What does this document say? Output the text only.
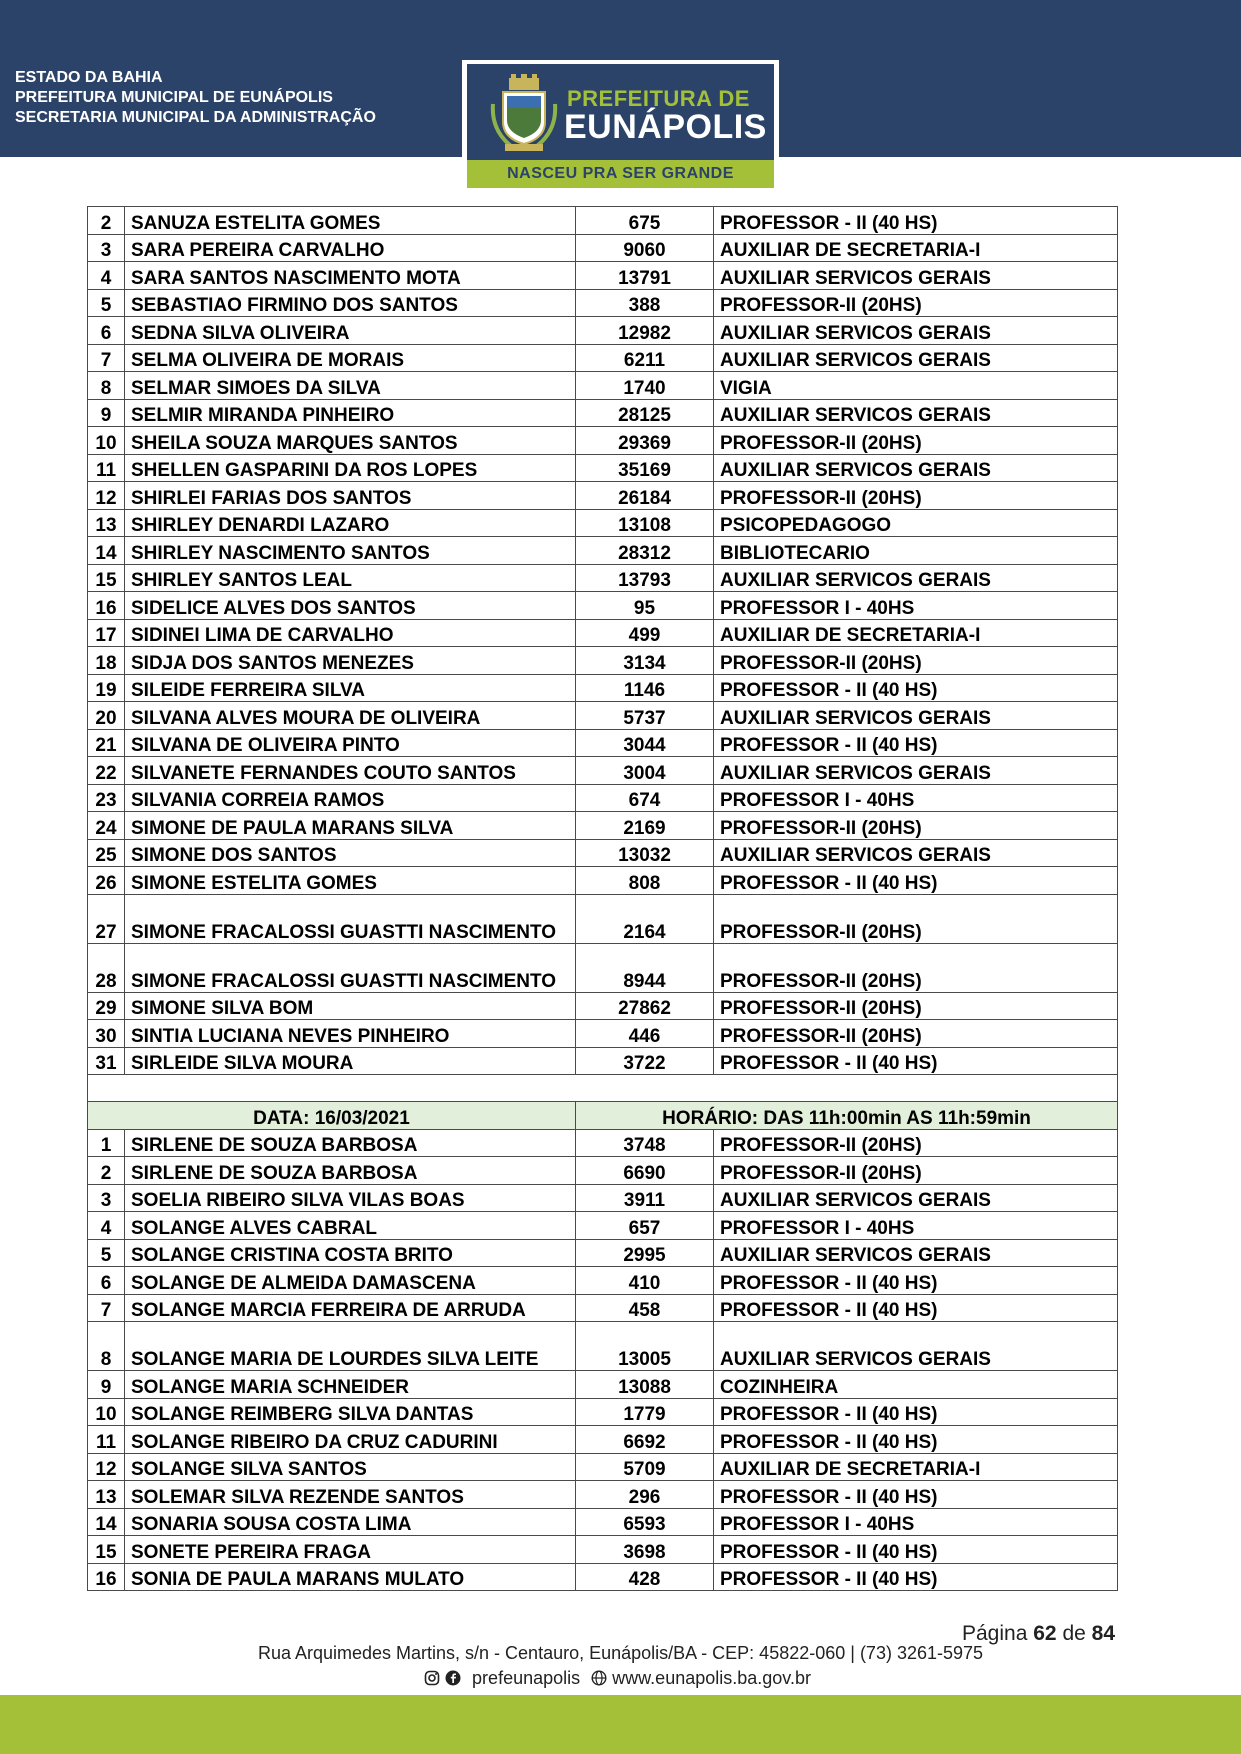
ESTADO DA BAHIA
PREFEITURA MUNICIPAL DE EUNÁPOLIS
SECRETARIA MUNICIPAL DA ADMINISTRAÇÃO
PREFEITURA DE
EUNÁPOLIS
NASCEU PRA SER GRANDE
2	SANUZA ESTELITA GOMES	675	PROFESSOR - II (40 HS)
3	SARA PEREIRA CARVALHO	9060	AUXILIAR DE SECRETARIA-I
4	SARA SANTOS NASCIMENTO MOTA	13791	AUXILIAR SERVICOS GERAIS
5	SEBASTIAO FIRMINO DOS SANTOS	388	PROFESSOR-II (20HS)
6	SEDNA SILVA OLIVEIRA	12982	AUXILIAR SERVICOS GERAIS
7	SELMA OLIVEIRA DE MORAIS	6211	AUXILIAR SERVICOS GERAIS
8	SELMAR SIMOES DA SILVA	1740	VIGIA
9	SELMIR MIRANDA PINHEIRO	28125	AUXILIAR SERVICOS GERAIS
10	SHEILA SOUZA MARQUES SANTOS	29369	PROFESSOR-II (20HS)
11	SHELLEN GASPARINI DA ROS LOPES	35169	AUXILIAR SERVICOS GERAIS
12	SHIRLEI FARIAS DOS SANTOS	26184	PROFESSOR-II (20HS)
13	SHIRLEY DENARDI LAZARO	13108	PSICOPEDAGOGO
14	SHIRLEY NASCIMENTO SANTOS	28312	BIBLIOTECARIO
15	SHIRLEY SANTOS LEAL	13793	AUXILIAR SERVICOS GERAIS
16	SIDELICE ALVES DOS SANTOS	95	PROFESSOR I - 40HS
17	SIDINEI LIMA DE CARVALHO	499	AUXILIAR DE SECRETARIA-I
18	SIDJA DOS SANTOS MENEZES	3134	PROFESSOR-II (20HS)
19	SILEIDE FERREIRA SILVA	1146	PROFESSOR - II (40 HS)
20	SILVANA ALVES MOURA DE OLIVEIRA	5737	AUXILIAR SERVICOS GERAIS
21	SILVANA DE OLIVEIRA PINTO	3044	PROFESSOR - II (40 HS)
22	SILVANETE FERNANDES COUTO SANTOS	3004	AUXILIAR SERVICOS GERAIS
23	SILVANIA CORREIA RAMOS	674	PROFESSOR I - 40HS
24	SIMONE DE PAULA MARANS SILVA	2169	PROFESSOR-II (20HS)
25	SIMONE DOS SANTOS	13032	AUXILIAR SERVICOS GERAIS
26	SIMONE ESTELITA GOMES	808	PROFESSOR - II (40 HS)
27	SIMONE FRACALOSSI GUASTTI NASCIMENTO	2164	PROFESSOR-II (20HS)
28	SIMONE FRACALOSSI GUASTTI NASCIMENTO	8944	PROFESSOR-II (20HS)
29	SIMONE SILVA BOM	27862	PROFESSOR-II (20HS)
30	SINTIA LUCIANA NEVES PINHEIRO	446	PROFESSOR-II (20HS)
31	SIRLEIDE SILVA MOURA	3722	PROFESSOR - II (40 HS)

DATA: 16/03/2021		HORÁRIO: DAS 11h:00min AS 11h:59min	
1	SIRLENE DE SOUZA BARBOSA	3748	PROFESSOR-II (20HS)
2	SIRLENE DE SOUZA BARBOSA	6690	PROFESSOR-II (20HS)
3	SOELIA RIBEIRO SILVA VILAS BOAS	3911	AUXILIAR SERVICOS GERAIS
4	SOLANGE ALVES CABRAL	657	PROFESSOR I - 40HS
5	SOLANGE CRISTINA COSTA BRITO	2995	AUXILIAR SERVICOS GERAIS
6	SOLANGE DE ALMEIDA DAMASCENA	410	PROFESSOR - II (40 HS)
7	SOLANGE MARCIA FERREIRA DE ARRUDA	458	PROFESSOR - II (40 HS)
8	SOLANGE MARIA DE LOURDES SILVA LEITE	13005	AUXILIAR SERVICOS GERAIS
9	SOLANGE MARIA SCHNEIDER	13088	COZINHEIRA
10	SOLANGE REIMBERG SILVA DANTAS	1779	PROFESSOR - II (40 HS)
11	SOLANGE RIBEIRO DA CRUZ CADURINI	6692	PROFESSOR - II (40 HS)
12	SOLANGE SILVA SANTOS	5709	AUXILIAR DE SECRETARIA-I
13	SOLEMAR SILVA REZENDE SANTOS	296	PROFESSOR - II (40 HS)
14	SONARIA SOUSA COSTA LIMA	6593	PROFESSOR I - 40HS
15	SONETE PEREIRA FRAGA	3698	PROFESSOR - II (40 HS)
16	SONIA DE PAULA MARANS MULATO	428	PROFESSOR - II (40 HS)
Página 62 de 84
Rua Arquimedes Martins, s/n - Centauro, Eunápolis/BA - CEP: 45822-060 | (73) 3261-5975
prefeunapolis www.eunapolis.ba.gov.br
